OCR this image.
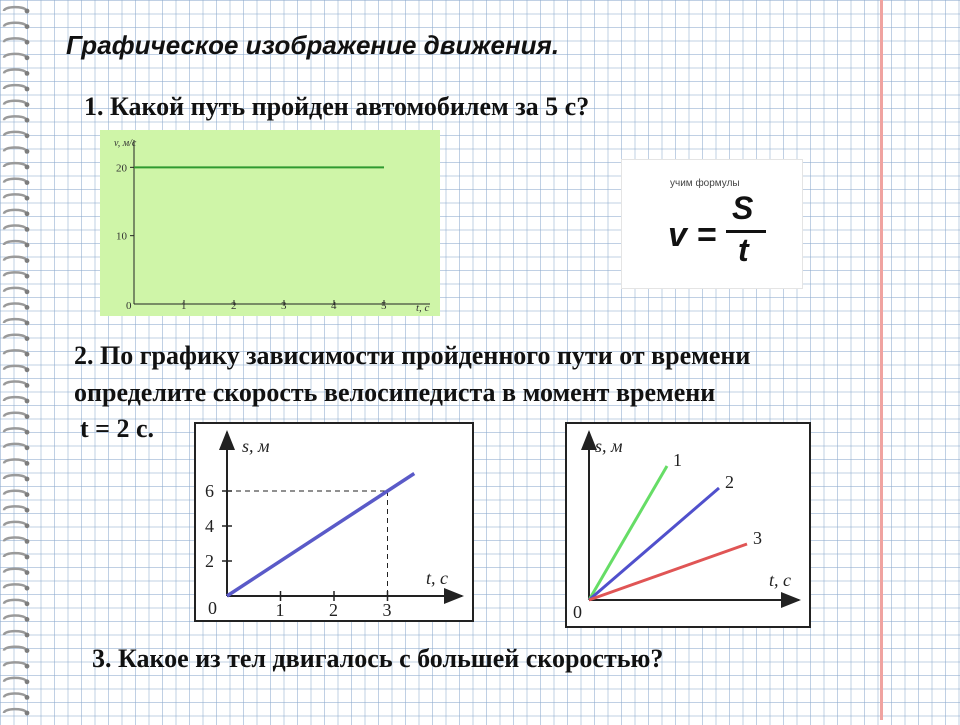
Графическое изображение движения.

1. Какой путь пройден автомобилем за 5 с?

v, м/с
t, с
0	1	2	3	4	5
10
20
учим формулы
v =
S
t

2. По графику зависимости пройденного пути от времени
определите скорость велосипедиста в момент времени

t = 2 с.
s, м
t, с
0	1 2 3
2
4
6
s, м
t, с
0
1
2
3

3. Какое из тел двигалось с большей скоростью?
